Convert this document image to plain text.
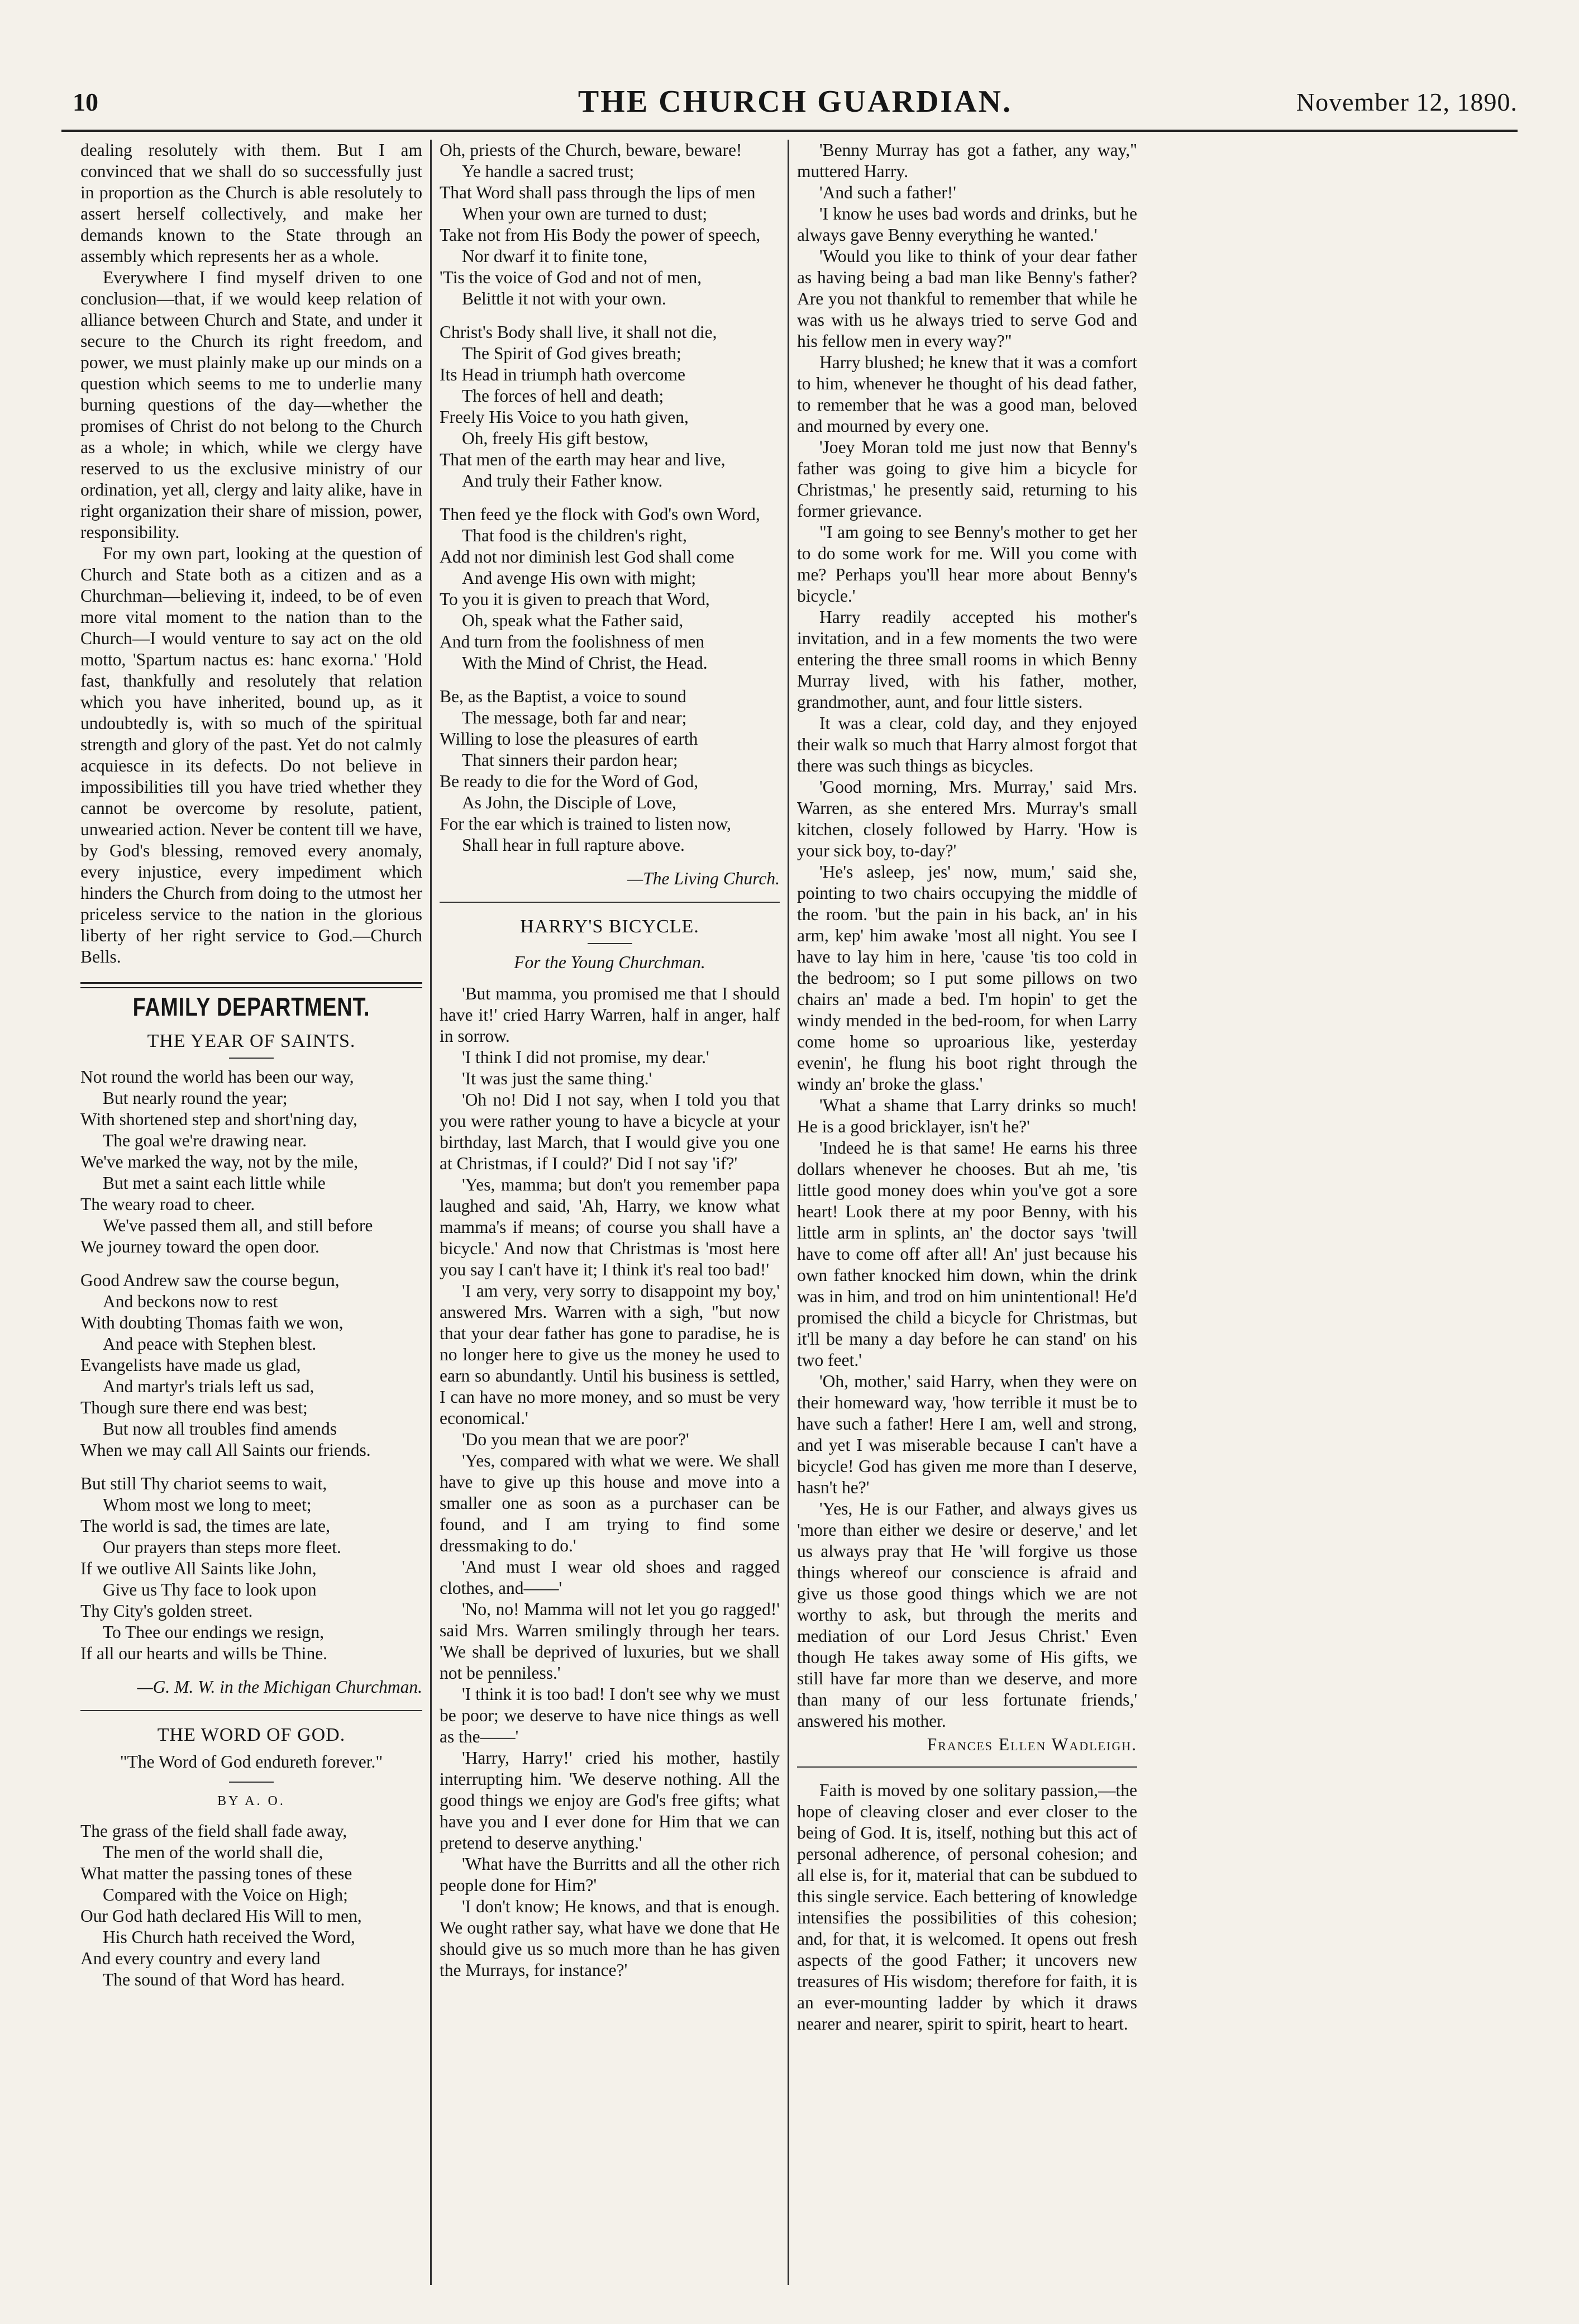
10	THE CHURCH GUARDIAN.	November 12, 1890.

dealing resolutely with them. But I am convinced that we shall do so successfully just in proportion as the Church is able resolutely to assert herself collectively, and make her demands known to the State through an assembly which represents her as a whole.

Everywhere I find myself driven to one conclusion—that, if we would keep relation of alliance between Church and State, and under it secure to the Church its right freedom, and power, we must plainly make up our minds on a question which seems to me to underlie many burning questions of the day—whether the promises of Christ do not belong to the Church as a whole; in which, while we clergy have reserved to us the exclusive ministry of our ordination, yet all, clergy and laity alike, have in right organization their share of mission, power, responsibility.

For my own part, looking at the question of Church and State both as a citizen and as a Churchman—believing it, indeed, to be of even more vital moment to the nation than to the Church—I would venture to say act on the old motto, 'Spartum nactus es: hanc exorna.' 'Hold fast, thankfully and resolutely that relation which you have inherited, bound up, as it undoubtedly is, with so much of the spiritual strength and glory of the past. Yet do not calmly acquiesce in its defects. Do not believe in impossibilities till you have tried whether they cannot be overcome by resolute, patient, unwearied action. Never be content till we have, by God's blessing, removed every anomaly, every injustice, every impediment which hinders the Church from doing to the utmost her priceless service to the nation in the glorious liberty of her right service to God.—Church Bells.

FAMILY DEPARTMENT.
THE YEAR OF SAINTS.
Not round the world has been our way,
But nearly round the year;
With shortened step and short'ning day,
The goal we're drawing near.
We've marked the way, not by the mile,
But met a saint each little while
The weary road to cheer.
We've passed them all, and still before
We journey toward the open door.
Good Andrew saw the course begun,
And beckons now to rest
With doubting Thomas faith we won,
And peace with Stephen blest.
Evangelists have made us glad,
And martyr's trials left us sad,
Though sure there end was best;
But now all troubles find amends
When we may call All Saints our friends.
But still Thy chariot seems to wait,
Whom most we long to meet;
The world is sad, the times are late,
Our prayers than steps more fleet.
If we outlive All Saints like John,
Give us Thy face to look upon
Thy City's golden street.
To Thee our endings we resign,
If all our hearts and wills be Thine.
—G. M. W. in the Michigan Churchman.
THE WORD OF GOD.
"The Word of God endureth forever."
BY A. O.
The grass of the field shall fade away,
The men of the world shall die,
What matter the passing tones of these
Compared with the Voice on High;
Our God hath declared His Will to men,
His Church hath received the Word,
And every country and every land
The sound of that Word has heard.
Oh, priests of the Church, beware, beware!
Ye handle a sacred trust;
That Word shall pass through the lips of men
When your own are turned to dust;
Take not from His Body the power of speech,
Nor dwarf it to finite tone,
'Tis the voice of God and not of men,
Belittle it not with your own.
Christ's Body shall live, it shall not die,
The Spirit of God gives breath;
Its Head in triumph hath overcome
The forces of hell and death;
Freely His Voice to you hath given,
Oh, freely His gift bestow,
That men of the earth may hear and live,
And truly their Father know.
Then feed ye the flock with God's own Word,
That food is the children's right,
Add not nor diminish lest God shall come
And avenge His own with might;
To you it is given to preach that Word,
Oh, speak what the Father said,
And turn from the foolishness of men
With the Mind of Christ, the Head.
Be, as the Baptist, a voice to sound
The message, both far and near;
Willing to lose the pleasures of earth
That sinners their pardon hear;
Be ready to die for the Word of God,
As John, the Disciple of Love,
For the ear which is trained to listen now,
Shall hear in full rapture above.
—The Living Church.
HARRY'S BICYCLE.
For the Young Churchman.

'But mamma, you promised me that I should have it!' cried Harry Warren, half in anger, half in sorrow.

'I think I did not promise, my dear.'

'It was just the same thing.'

'Oh no! Did I not say, when I told you that you were rather young to have a bicycle at your birthday, last March, that I would give you one at Christmas, if I could?' Did I not say 'if?'

'Yes, mamma; but don't you remember papa laughed and said, 'Ah, Harry, we know what mamma's if means; of course you shall have a bicycle.' And now that Christmas is 'most here you say I can't have it; I think it's real too bad!'

'I am very, very sorry to disappoint my boy,' answered Mrs. Warren with a sigh, "but now that your dear father has gone to paradise, he is no longer here to give us the money he used to earn so abundantly. Until his business is settled, I can have no more money, and so must be very economical.'

'Do you mean that we are poor?'

'Yes, compared with what we were. We shall have to give up this house and move into a smaller one as soon as a purchaser can be found, and I am trying to find some dressmaking to do.'

'And must I wear old shoes and ragged clothes, and——'

'No, no! Mamma will not let you go ragged!' said Mrs. Warren smilingly through her tears. 'We shall be deprived of luxuries, but we shall not be penniless.'

'I think it is too bad! I don't see why we must be poor; we deserve to have nice things as well as the——'

'Harry, Harry!' cried his mother, hastily interrupting him. 'We deserve nothing. All the good things we enjoy are God's free gifts; what have you and I ever done for Him that we can pretend to deserve anything.'

'What have the Burritts and all the other rich people done for Him?'

'I don't know; He knows, and that is enough. We ought rather say, what have we done that He should give us so much more than he has given the Murrays, for instance?'

'Benny Murray has got a father, any way," muttered Harry.

'And such a father!'

'I know he uses bad words and drinks, but he always gave Benny everything he wanted.'

'Would you like to think of your dear father as having being a bad man like Benny's father? Are you not thankful to remember that while he was with us he always tried to serve God and his fellow men in every way?"

Harry blushed; he knew that it was a comfort to him, whenever he thought of his dead father, to remember that he was a good man, beloved and mourned by every one.

'Joey Moran told me just now that Benny's father was going to give him a bicycle for Christmas,' he presently said, returning to his former grievance.

"I am going to see Benny's mother to get her to do some work for me. Will you come with me? Perhaps you'll hear more about Benny's bicycle.'

Harry readily accepted his mother's invitation, and in a few moments the two were entering the three small rooms in which Benny Murray lived, with his father, mother, grandmother, aunt, and four little sisters.

It was a clear, cold day, and they enjoyed their walk so much that Harry almost forgot that there was such things as bicycles.

'Good morning, Mrs. Murray,' said Mrs. Warren, as she entered Mrs. Murray's small kitchen, closely followed by Harry. 'How is your sick boy, to-day?'

'He's asleep, jes' now, mum,' said she, pointing to two chairs occupying the middle of the room. 'but the pain in his back, an' in his arm, kep' him awake 'most all night. You see I have to lay him in here, 'cause 'tis too cold in the bedroom; so I put some pillows on two chairs an' made a bed. I'm hopin' to get the windy mended in the bed-room, for when Larry come home so uproarious like, yesterday evenin', he flung his boot right through the windy an' broke the glass.'

'What a shame that Larry drinks so much! He is a good bricklayer, isn't he?'

'Indeed he is that same! He earns his three dollars whenever he chooses. But ah me, 'tis little good money does whin you've got a sore heart! Look there at my poor Benny, with his little arm in splints, an' the doctor says 'twill have to come off after all! An' just because his own father knocked him down, whin the drink was in him, and trod on him unintentional! He'd promised the child a bicycle for Christmas, but it'll be many a day before he can stand' on his two feet.'

'Oh, mother,' said Harry, when they were on their homeward way, 'how terrible it must be to have such a father! Here I am, well and strong, and yet I was miserable because I can't have a bicycle! God has given me more than I deserve, hasn't he?'

'Yes, He is our Father, and always gives us 'more than either we desire or deserve,' and let us always pray that He 'will forgive us those things whereof our conscience is afraid and give us those good things which we are not worthy to ask, but through the merits and mediation of our Lord Jesus Christ.' Even though He takes away some of His gifts, we still have far more than we deserve, and more than many of our less fortunate friends,' answered his mother.

Frances Ellen Wadleigh.

Faith is moved by one solitary passion,—the hope of cleaving closer and ever closer to the being of God. It is, itself, nothing but this act of personal adherence, of personal cohesion; and all else is, for it, material that can be subdued to this single service. Each bettering of knowledge intensifies the possibilities of this cohesion; and, for that, it is welcomed. It opens out fresh aspects of the good Father; it uncovers new treasures of His wisdom; therefore for faith, it is an ever-mounting ladder by which it draws nearer and nearer, spirit to spirit, heart to heart.
